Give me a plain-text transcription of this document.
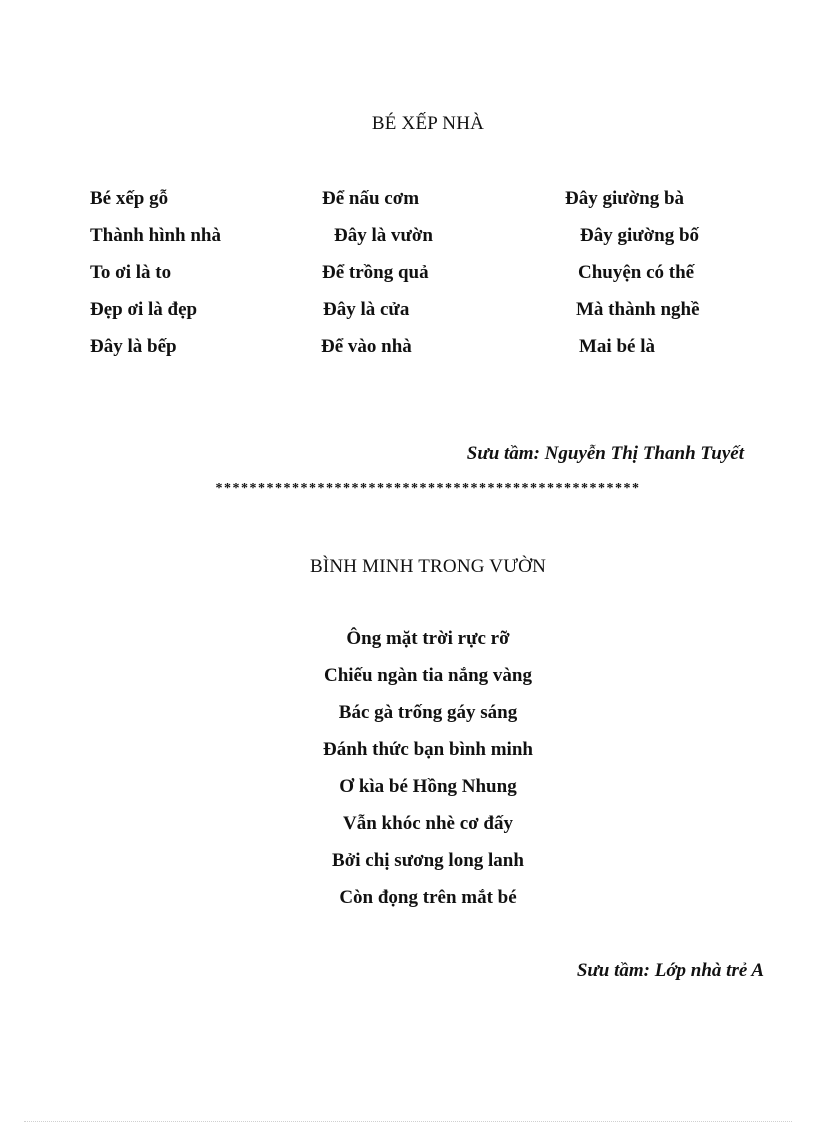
BÉ XẾP NHÀ
Bé xếp gỗ
Thành hình nhà
To ơi là to
Đẹp ơi là đẹp
Đây là bếp
Để nấu cơm
Đây là vườn
Để trồng quả
Đây là cửa
Để vào nhà
Đây giường bà
Đây giường bố
Chuyện có thế
Mà thành nghề
Mai bé là
Sưu tầm: Nguyễn Thị Thanh Tuyết
**************************************************
BÌNH MINH TRONG VƯỜN
Ông mặt trời rực rỡ
Chiếu ngàn tia nắng vàng
Bác gà trống gáy sáng
Đánh thức bạn bình minh
Ơ kìa bé Hồng Nhung
Vẫn khóc nhè cơ đấy
Bởi chị sương long lanh
Còn đọng trên mắt bé
Sưu tầm: Lớp nhà trẻ A
